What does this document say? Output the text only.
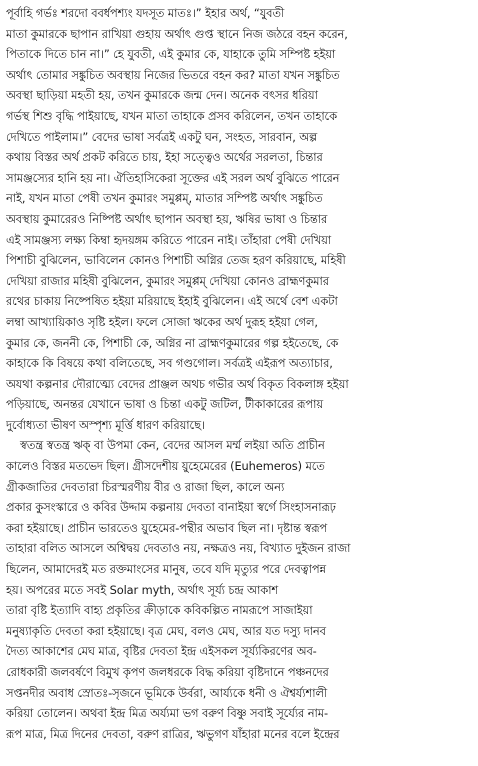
পূর্বাহি গর্ভঃ শরদো ববর্ধপশ্যং যদসূত মাতঃ।” ইহার অর্থ, “যুবতী
মাতা কুমারকে ছাপান রাখিয়া গুহায় অর্থাৎ গুপ্ত স্থানে নিজ জঠরে বহন করেন,
পিতাকে দিতে চান না।” হে যুবতী, এই কুমার কে, যাহাকে তুমি সম্পিষ্ট হইয়া
অর্থাৎ তোমার সঙ্কুচিত অবস্থায় নিজের ভিতরে বহন কর? মাতা যখন সঙ্কুচিত
অবস্থা ছাড়িয়া মহতী হয়, তখন কুমারকে জন্ম দেন। অনেক বৎসর ধরিয়া
গর্ভস্থ শিশু বৃদ্ধি পাইয়াছে, যখন মাতা তাহাকে প্রসব করিলেন, তখন তাহাকে
দেখিতে পাইলাম।” বেদের ভাষা সর্বত্রই একটু ঘন, সংহত, সারবান, অল্প
কথায় বিস্তর অর্থ প্রকট করিতে চায়, ইহা সত্ত্বেও অর্থের সরলতা, চিন্তার
সামঞ্জস্যের হানি হয় না। ঐতিহাসিকেরা সূক্তের এই সরল অর্থ বুঝিতে পারেন
নাই, যখন মাতা পেষী তখন কুমারং সমুপ্পম্, মাতার সম্পিষ্ট অর্থাৎ সঙ্কুচিত
অবস্থায় কুমারেরও নিষ্পিষ্ট অর্থাৎ ছাপান অবস্থা হয়, ঋষির ভাষা ও চিন্তার
এই সামঞ্জস্য লক্ষ্য কিম্বা হৃদয়ঙ্গম করিতে পারেন নাই। তাঁহারা পেষী দেখিয়া
পিশাচী বুঝিলেন, ভাবিলেন কোনও পিশাচী অগ্নির তেজ হরণ করিয়াছে, মহিষী
দেখিয়া রাজার মহিষী বুঝিলেন, কুমারং সমুপ্পম্ দেখিয়া কোনও ব্রাহ্মণকুমার
রথের চাকায় নিষ্পেষিত হইয়া মরিয়াছে ইহাই বুঝিলেন। এই অর্থে বেশ একটা
লম্বা আখ্যায়িকাও সৃষ্টি হইল। ফলে সোজা ঋকের অর্থ দুরূহ হইয়া গেল,
কুমার কে, জননী কে, পিশাচী কে, অগ্নির না ব্রাহ্মণকুমারের গল্প হইতেছে, কে
কাহাকে কি বিষয়ে কথা বলিতেছে, সব গণ্ডগোল। সর্বত্রই এইরূপ অত্যাচার,
অযথা কল্পনার দৌরাত্ম্যে বেদের প্রাঞ্জল অথচ গভীর অর্থ বিকৃত বিকলাঙ্গ হইয়া
পড়িয়াছে, অনন্তর যেখানে ভাষা ও চিন্তা একটু জটিল, টীকাকারের রূপায়
দুর্বোধ্যতা ভীষণ অস্পৃশ্য মূর্ত্তি ধারণ করিয়াছে।
স্বতন্ত্র স্বতন্ত্র ঋক্ বা উপমা কেন, বেদের আসল মর্ম্ম লইয়া অতি প্রাচীন
কালেও বিস্তর মতভেদ ছিল। গ্রীসদেশীয় য়ুহেমেরের (Euhemeros) মতে
গ্রীকজাতির দেবতারা চিরস্মরণীয় বীর ও রাজা ছিল, কালে অন্য
প্রকার কুসংস্কারে ও কবির উদ্দাম কল্পনায় দেবতা বানাইয়া স্বর্গে সিংহাসনারূঢ়
করা হইয়াছে। প্রাচীন ভারতেও য়ুহেমের-পন্থীর অভাব ছিল না। দৃষ্টান্ত স্বরূপ
তাহারা বলিত আসলে অশ্বিদ্বয় দেবতাও নয়, নক্ষত্রও নয়, বিখ্যাত দুইজন রাজা
ছিলেন, আমাদেরই মত রক্তমাংসের মানুষ, তবে যদি মৃত্যুর পরে দেবত্বাপন্ন
হয়। অপরের মতে সবই Solar myth, অর্থাৎ সূর্য্য চন্দ্র আকাশ
তারা বৃষ্টি ইত্যাদি বাহ্য প্রকৃতির ক্রীড়াকে কবিকল্পিত নামরূপে সাজাইয়া
মনুষ্যাকৃতি দেবতা করা হইয়াছে। বৃত্র মেঘ, বলও মেঘ, আর যত দস্যু দানব
দৈত্য আকাশের মেঘ মাত্র, বৃষ্টির দেবতা ইন্দ্র এইসকল সূর্য্যকিরণের অব-
রোধকারী জলবর্ষণে বিমুখ কৃপণ জলধরকে বিদ্ধ করিয়া বৃষ্টিদানে পঞ্চনদের
সপ্তনদীর অবাধ স্রোতঃ-সৃজনে ভূমিকে উর্বরা, আর্য্যকে ধনী ও ঐশ্বর্য্যশালী
করিয়া তোলেন। অথবা ইন্দ্র মিত্র অর্য্যমা ভগ বরুণ বিষ্ণু সবাই সূর্য্যের নাম-
রূপ মাত্র, মিত্র দিনের দেবতা, বরুণ রাত্রির, ঋভুগণ যাঁহারা মনের বলে ইন্দ্রের
